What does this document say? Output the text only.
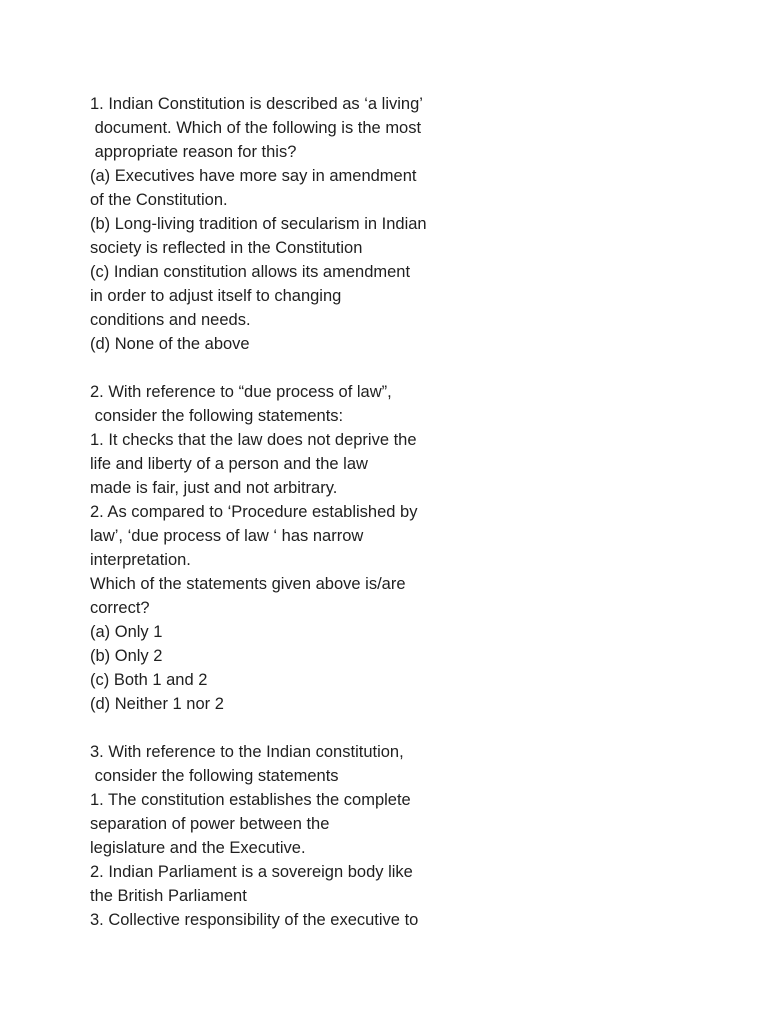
1. Indian Constitution is described as ‘a living’
document. Which of the following is the most
appropriate reason for this?
(a) Executives have more say in amendment
of the Constitution.
(b) Long-living tradition of secularism in Indian
society is reflected in the Constitution
(c) Indian constitution allows its amendment
in order to adjust itself to changing
conditions and needs.
(d) None of the above
2. With reference to “due process of law”,
consider the following statements:
1. It checks that the law does not deprive the
life and liberty of a person and the law
made is fair, just and not arbitrary.
2. As compared to ‘Procedure established by
law’, ‘due process of law ‘ has narrow
interpretation.
Which of the statements given above is/are
correct?
(a) Only 1
(b) Only 2
(c) Both 1 and 2
(d) Neither 1 nor 2
3. With reference to the Indian constitution,
consider the following statements
1. The constitution establishes the complete
separation of power between the
legislature and the Executive.
2. Indian Parliament is a sovereign body like
the British Parliament
3. Collective responsibility of the executive to
